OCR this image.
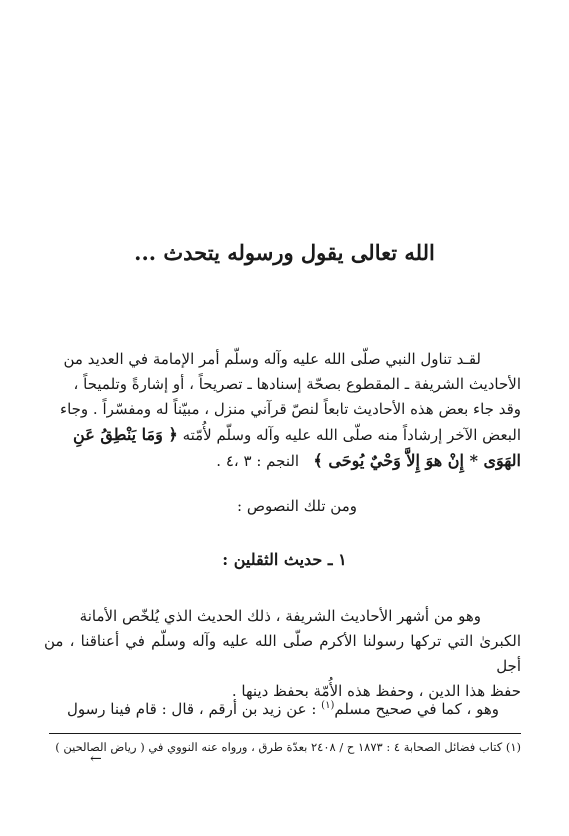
الله تعالى يقول ورسوله يتحدث ...

لقـد تناول النبي صلّى الله عليه وآله وسلّم أمر الإمامة في العديد من

الأحاديث الشريفة ـ المقطوع بصحّة إسنادها ـ تصريحاً ، أو إشارةً وتلميحاً ،

وقد جاء بعض هذه الأحاديث تابعاً لنصّ قرآني منزل ، مبيّناً له ومفسّراً . وجاء

البعض الآخر إرشاداً منه صلّى الله عليه وآله وسلّم لأُمّته ﴿ وَمَا يَنْطِقُ عَنِ

الهَوَى * إِنْ هوَ إِلاَّ وَحْيٌ يُوحَى ﴾   النجم : ٣ ،٤ .

ومن تلك النصوص :
١ ـ حديث الثقلين :

وهو من أشهر الأحاديث الشريفة ، ذلك الحديث الذي يُلخّص الأمانة

الكبرىٰ التي تركها رسولنا الأكرم صلّى الله عليه وآله وسلّم في أعناقنا ، من أجل

حفظ هذا الدين ، وحفظ هذه الأُمّة بحفظ دينها .

وهو ، كما في صحيح مسلم$^{(١)}$ : عن زيد بن أرقم ، قال : قام فينا رسول

(١) كتاب فضائل الصحابة ٤ : ١٨٧٣ ح / ٢٤٠٨ بعدّة طرق ، ورواه عنه النووي في ( رياض الصالحين )
←
